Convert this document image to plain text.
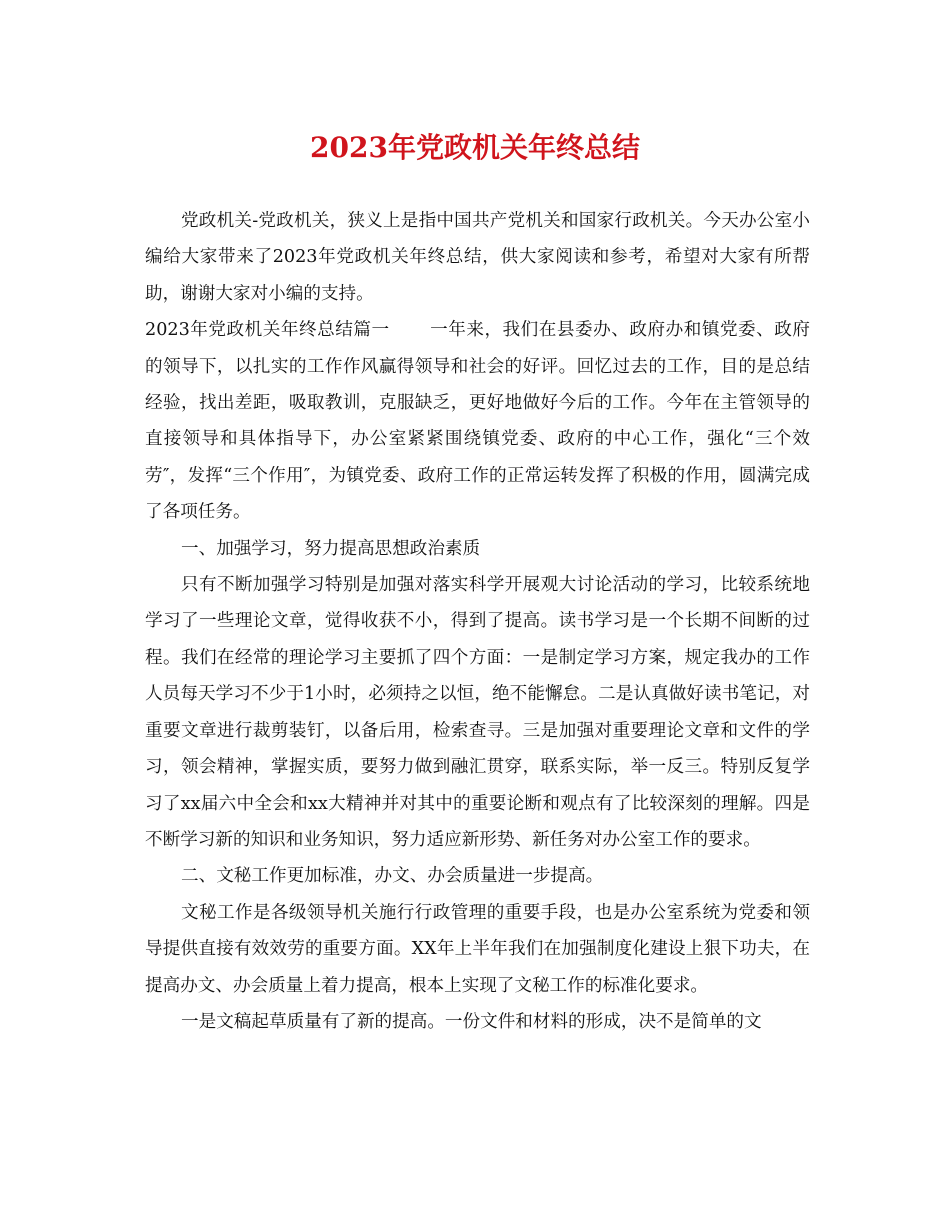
2023年党政机关年终总结

党政机关-党政机关，狭义上是指中国共产党机关和国家行政机关。今天办公室小编给大家带来了2023年党政机关年终总结，供大家阅读和参考，希望对大家有所帮助，谢谢大家对小编的支持。

2023年党政机关年终总结篇一 一年来，我们在县委办、政府办和镇党委、政府的领导下，以扎实的工作作风赢得领导和社会的好评。回忆过去的工作，目的是总结经验，找出差距，吸取教训，克服缺乏，更好地做好今后的工作。今年在主管领导的直接领导和具体指导下，办公室紧紧围绕镇党委、政府的中心工作，强化“三个效劳″，发挥“三个作用″，为镇党委、政府工作的正常运转发挥了积极的作用，圆满完成了各项任务。

一、加强学习，努力提高思想政治素质

只有不断加强学习特别是加强对落实科学开展观大讨论活动的学习，比较系统地学习了一些理论文章，觉得收获不小，得到了提高。读书学习是一个长期不间断的过程。我们在经常的理论学习主要抓了四个方面：一是制定学习方案，规定我办的工作人员每天学习不少于1小时，必须持之以恒，绝不能懈怠。二是认真做好读书笔记，对重要文章进行裁剪装钉，以备后用，检索查寻。三是加强对重要理论文章和文件的学习，领会精神，掌握实质，要努力做到融汇贯穿，联系实际，举一反三。特别反复学习了xx届六中全会和xx大精神并对其中的重要论断和观点有了比较深刻的理解。四是不断学习新的知识和业务知识，努力适应新形势、新任务对办公室工作的要求。

二、文秘工作更加标准，办文、办会质量进一步提高。

文秘工作是各级领导机关施行行政管理的重要手段，也是办公室系统为党委和领导提供直接有效效劳的重要方面。XX年上半年我们在加强制度化建设上狠下功夫，在提高办文、办会质量上着力提高，根本上实现了文秘工作的标准化要求。

一是文稿起草质量有了新的提高。一份文件和材料的形成，决不是简单的文
